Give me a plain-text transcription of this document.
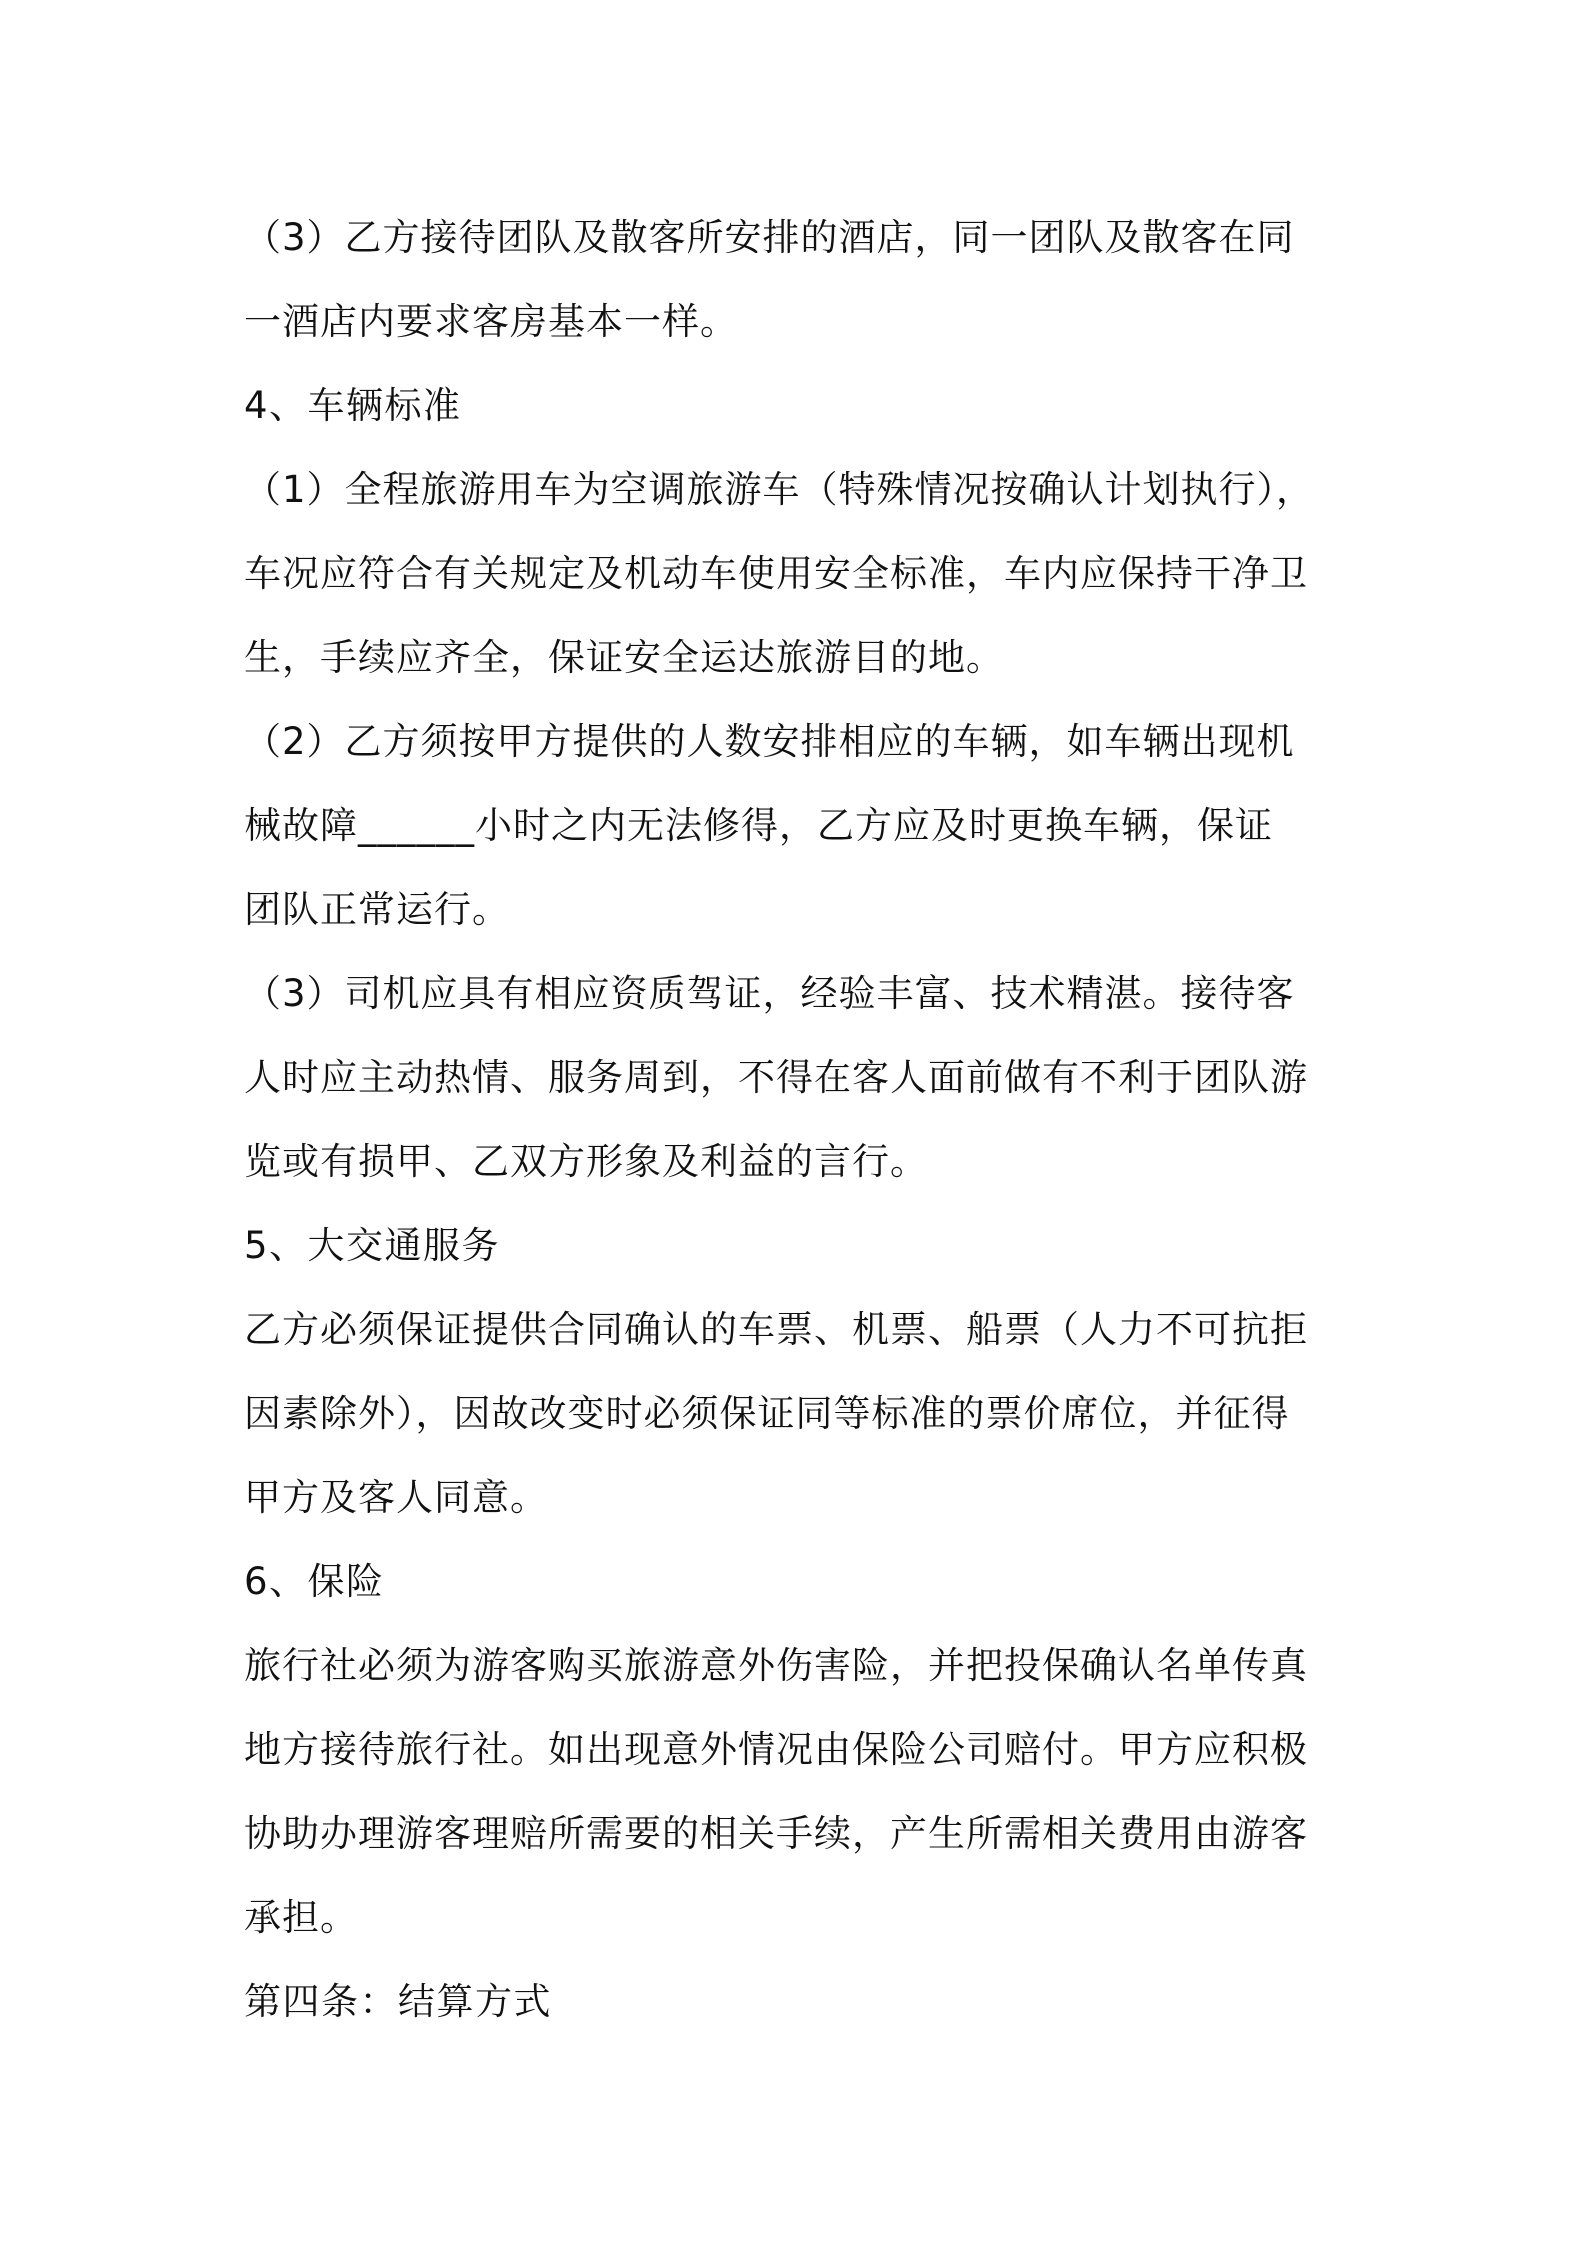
（3）乙方接待团队及散客所安排的酒店，同一团队及散客在同
一酒店内要求客房基本一样。
4、车辆标准
（1）全程旅游用车为空调旅游车（特殊情况按确认计划执行），
车况应符合有关规定及机动车使用安全标准，车内应保持干净卫
生，手续应齐全，保证安全运达旅游目的地。
（2）乙方须按甲方提供的人数安排相应的车辆，如车辆出现机
械故障______小时之内无法修得，乙方应及时更换车辆，保证
团队正常运行。
（3）司机应具有相应资质驾证，经验丰富、技术精湛。接待客
人时应主动热情、服务周到，不得在客人面前做有不利于团队游
览或有损甲、乙双方形象及利益的言行。
5、大交通服务
乙方必须保证提供合同确认的车票、机票、船票（人力不可抗拒
因素除外），因故改变时必须保证同等标准的票价席位，并征得
甲方及客人同意。
6、保险
旅行社必须为游客购买旅游意外伤害险，并把投保确认名单传真
地方接待旅行社。如出现意外情况由保险公司赔付。甲方应积极
协助办理游客理赔所需要的相关手续，产生所需相关费用由游客
承担。
第四条：结算方式
